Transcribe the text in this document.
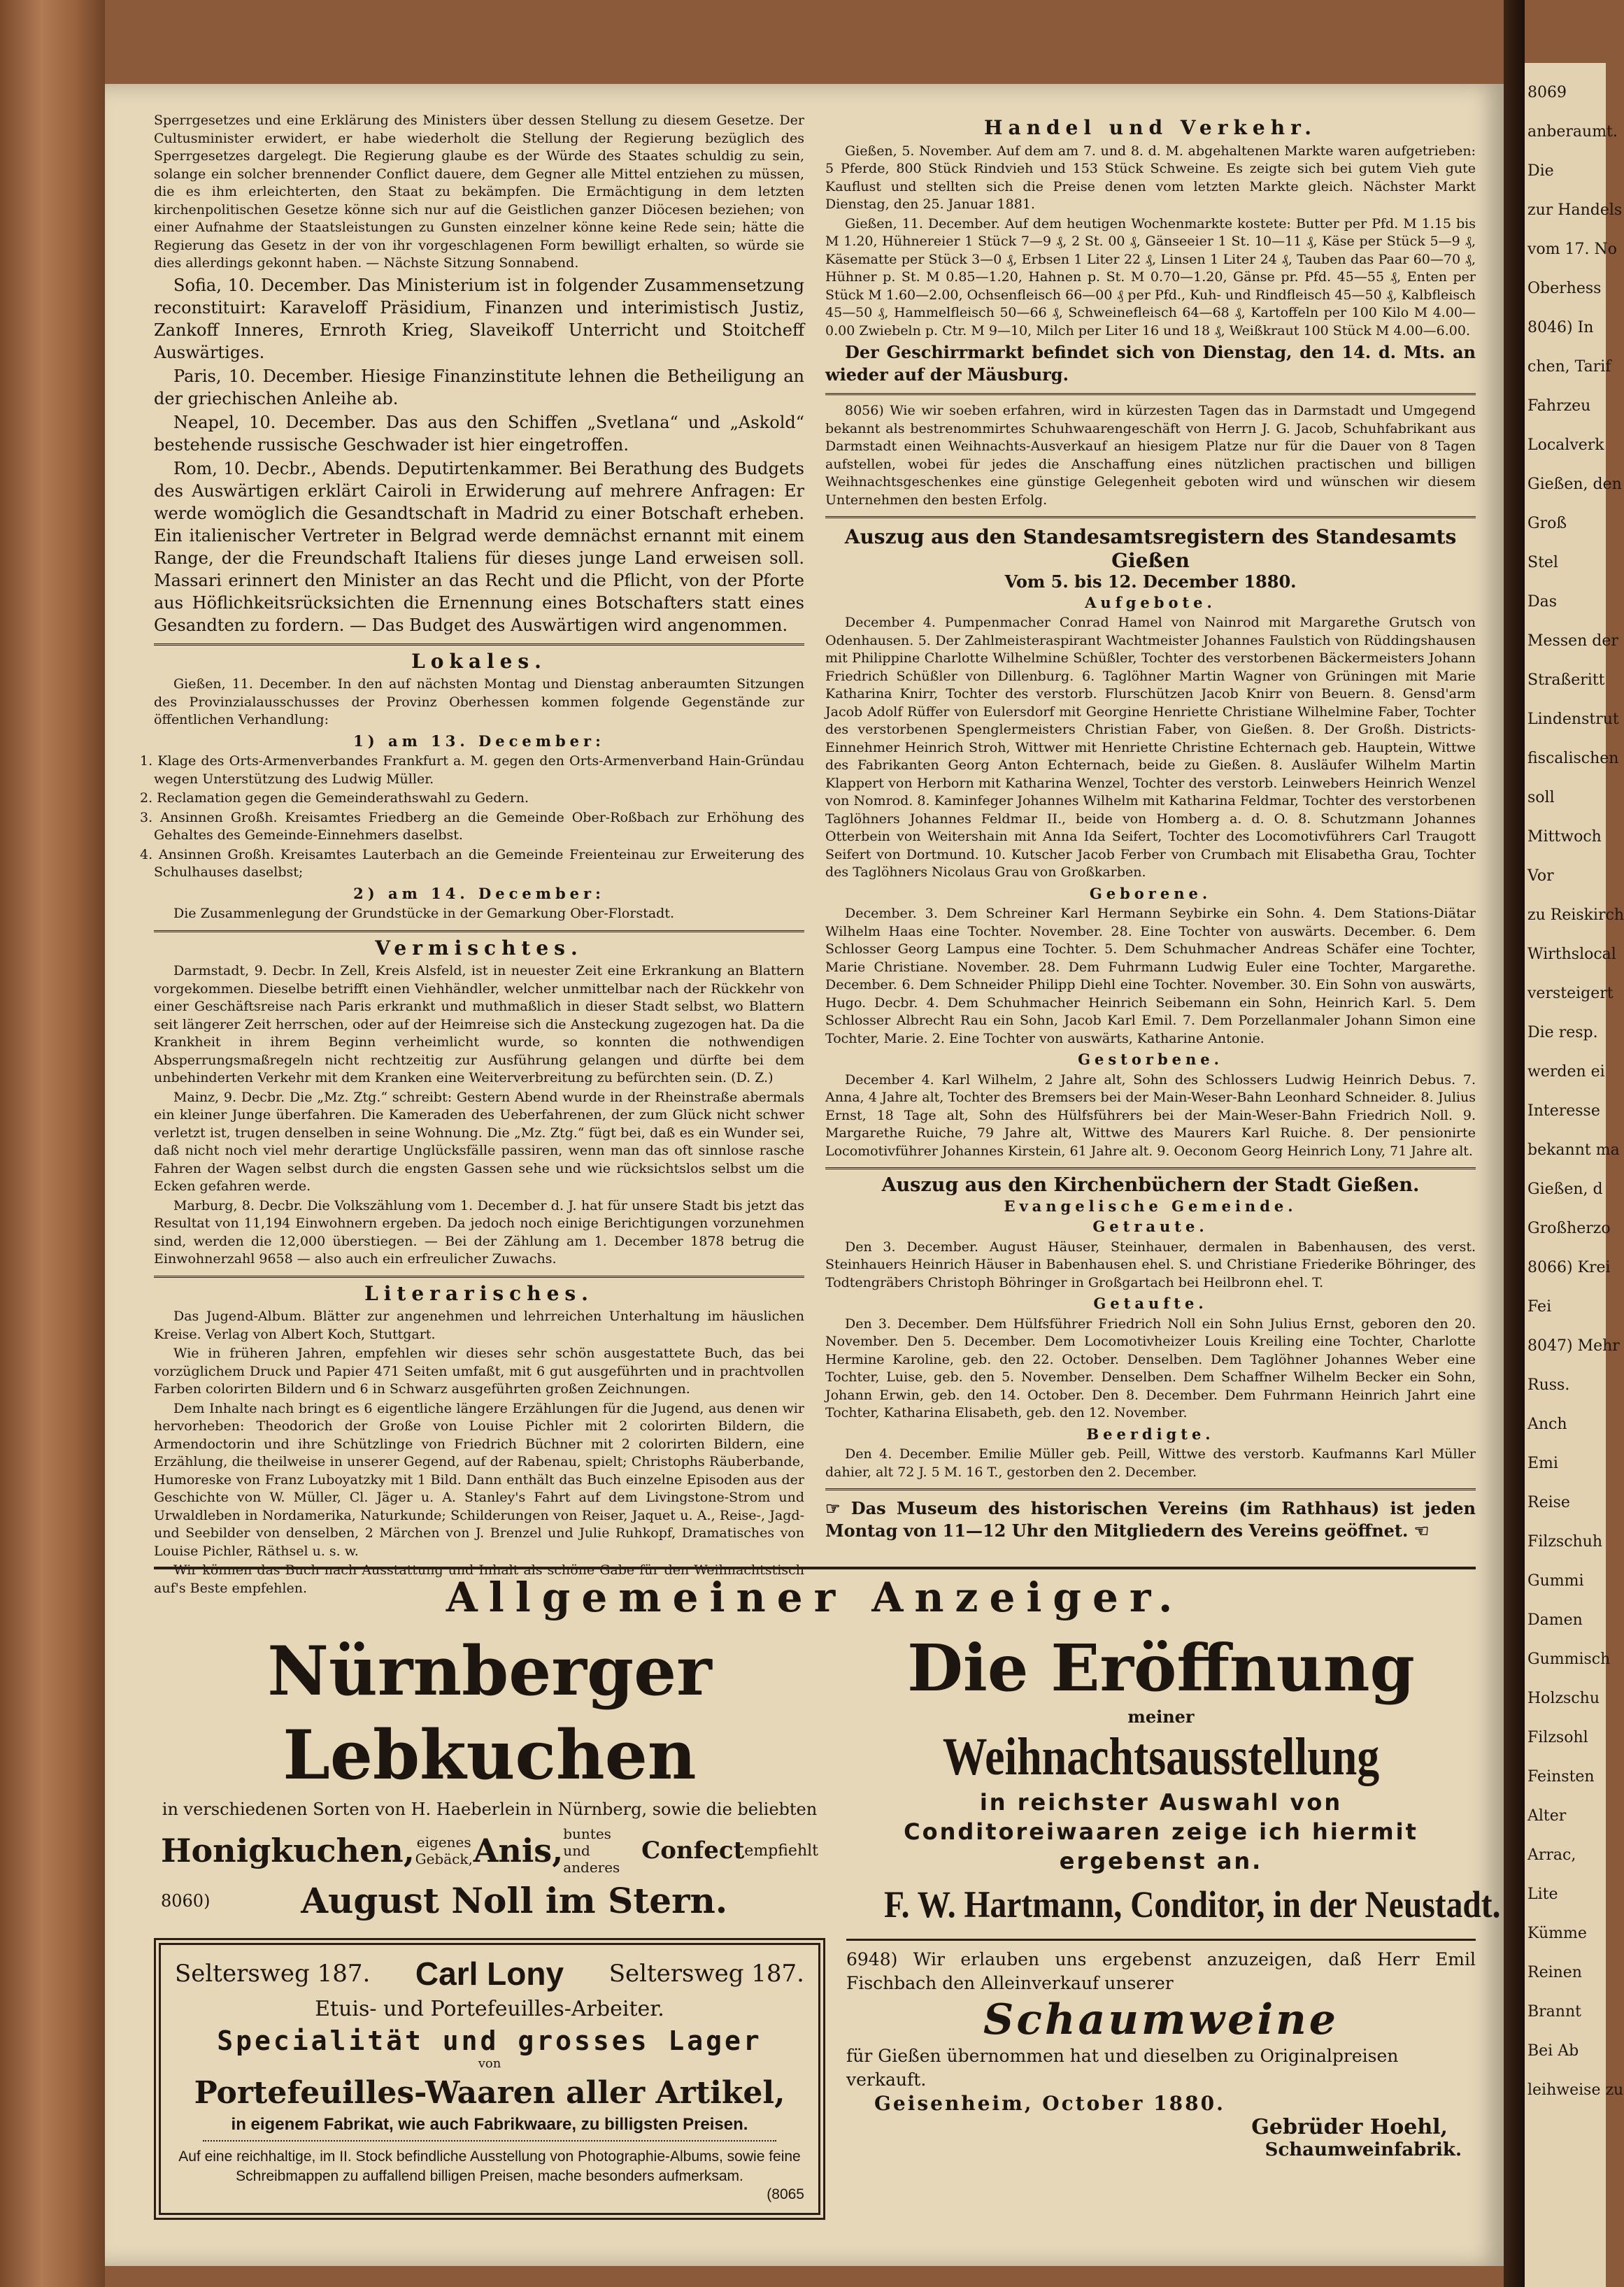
Sperrgesetzes und eine Erklärung des Ministers über dessen Stellung zu diesem Gesetze. Der Cultusminister erwidert, er habe wiederholt die Stellung der Regierung bezüglich des Sperrgesetzes dargelegt. Die Regierung glaube es der Würde des Staates schuldig zu sein, solange ein solcher brennender Conflict dauere, dem Gegner alle Mittel entziehen zu müssen, die es ihm erleichterten, den Staat zu bekämpfen. Die Ermächtigung in dem letzten kirchenpolitischen Gesetze könne sich nur auf die Geistlichen ganzer Diöcesen beziehen; von einer Aufnahme der Staatsleistungen zu Gunsten einzelner könne keine Rede sein; hätte die Regierung das Gesetz in der von ihr vorgeschlagenen Form bewilligt erhalten, so würde sie dies allerdings gekonnt haben. — Nächste Sitzung Sonnabend.

Sofia, 10. December. Das Ministerium ist in folgender Zusammensetzung reconstituirt: Karaveloff Präsidium, Finanzen und interimistisch Justiz, Zankoff Inneres, Ernroth Krieg, Slaveikoff Unterricht und Stoitcheff Auswärtiges.

Paris, 10. December. Hiesige Finanzinstitute lehnen die Betheiligung an der griechischen Anleihe ab.

Neapel, 10. December. Das aus den Schiffen „Svetlana“ und „Askold“ bestehende russische Geschwader ist hier eingetroffen.

Rom, 10. Decbr., Abends. Deputirtenkammer. Bei Berathung des Budgets des Auswärtigen erklärt Cairoli in Erwiderung auf mehrere Anfragen: Er werde womöglich die Gesandtschaft in Madrid zu einer Botschaft erheben. Ein italienischer Vertreter in Belgrad werde demnächst ernannt mit einem Range, der die Freundschaft Italiens für dieses junge Land erweisen soll. Massari erinnert den Minister an das Recht und die Pflicht, von der Pforte aus Höflichkeitsrücksichten die Ernennung eines Botschafters statt eines Gesandten zu fordern. — Das Budget des Auswärtigen wird angenommen.

Lokales.

Gießen, 11. December. In den auf nächsten Montag und Dienstag anberaumten Sitzungen des Provinzialausschusses der Provinz Oberhessen kommen folgende Gegenstände zur öffentlichen Verhandlung:

1) am 13. December:

1. Klage des Orts-Armenverbandes Frankfurt a. M. gegen den Orts-Armenverband Hain-Gründau wegen Unterstützung des Ludwig Müller.

2. Reclamation gegen die Gemeinderathswahl zu Gedern.

3. Ansinnen Großh. Kreisamtes Friedberg an die Gemeinde Ober-Roßbach zur Erhöhung des Gehaltes des Gemeinde-Einnehmers daselbst.

4. Ansinnen Großh. Kreisamtes Lauterbach an die Gemeinde Freienteinau zur Erweiterung des Schulhauses daselbst;

2) am 14. December:

Die Zusammenlegung der Grundstücke in der Gemarkung Ober-Florstadt.

Vermischtes.

Darmstadt, 9. Decbr. In Zell, Kreis Alsfeld, ist in neuester Zeit eine Erkrankung an Blattern vorgekommen. Dieselbe betrifft einen Viehhändler, welcher unmittelbar nach der Rückkehr von einer Geschäftsreise nach Paris erkrankt und muthmaßlich in dieser Stadt selbst, wo Blattern seit längerer Zeit herrschen, oder auf der Heimreise sich die Ansteckung zugezogen hat. Da die Krankheit in ihrem Beginn verheimlicht wurde, so konnten die nothwendigen Absperrungsmaßregeln nicht rechtzeitig zur Ausführung gelangen und dürfte bei dem unbehinderten Verkehr mit dem Kranken eine Weiterverbreitung zu befürchten sein. (D. Z.)

Mainz, 9. Decbr. Die „Mz. Ztg.“ schreibt: Gestern Abend wurde in der Rheinstraße abermals ein kleiner Junge überfahren. Die Kameraden des Ueberfahrenen, der zum Glück nicht schwer verletzt ist, trugen denselben in seine Wohnung. Die „Mz. Ztg.“ fügt bei, daß es ein Wunder sei, daß nicht noch viel mehr derartige Unglücksfälle passiren, wenn man das oft sinnlose rasche Fahren der Wagen selbst durch die engsten Gassen sehe und wie rücksichtslos selbst um die Ecken gefahren werde.

Marburg, 8. Decbr. Die Volkszählung vom 1. December d. J. hat für unsere Stadt bis jetzt das Resultat von 11,194 Einwohnern ergeben. Da jedoch noch einige Berichtigungen vorzunehmen sind, werden die 12,000 überstiegen. — Bei der Zählung am 1. December 1878 betrug die Einwohnerzahl 9658 — also auch ein erfreulicher Zuwachs.

Literarisches.

Das Jugend-Album. Blätter zur angenehmen und lehrreichen Unterhaltung im häuslichen Kreise. Verlag von Albert Koch, Stuttgart.

Wie in früheren Jahren, empfehlen wir dieses sehr schön ausgestattete Buch, das bei vorzüglichem Druck und Papier 471 Seiten umfaßt, mit 6 gut ausgeführten und in prachtvollen Farben colorirten Bildern und 6 in Schwarz ausgeführten großen Zeichnungen.

Dem Inhalte nach bringt es 6 eigentliche längere Erzählungen für die Jugend, aus denen wir hervorheben: Theodorich der Große von Louise Pichler mit 2 colorirten Bildern, die Armendoctorin und ihre Schützlinge von Friedrich Büchner mit 2 colorirten Bildern, eine Erzählung, die theilweise in unserer Gegend, auf der Rabenau, spielt; Christophs Räuberbande, Humoreske von Franz Luboyatzky mit 1 Bild. Dann enthält das Buch einzelne Episoden aus der Geschichte von W. Müller, Cl. Jäger u. A. Stanley's Fahrt auf dem Livingstone-Strom und Urwaldleben in Nordamerika, Naturkunde; Schilderungen von Reiser, Jaquet u. A., Reise-, Jagd- und Seebilder von denselben, 2 Märchen von J. Brenzel und Julie Ruhkopf, Dramatisches von Louise Pichler, Räthsel u. s. w.

Wir können das Buch nach Ausstattung und Inhalt als schöne Gabe für den Weihnachtstisch auf's Beste empfehlen.

Handel und Verkehr.

Gießen, 5. November. Auf dem am 7. und 8. d. M. abgehaltenen Markte waren aufgetrieben: 5 Pferde, 800 Stück Rindvieh und 153 Stück Schweine. Es zeigte sich bei gutem Vieh gute Kauflust und stellten sich die Preise denen vom letzten Markte gleich. Nächster Markt Dienstag, den 25. Januar 1881.

Gießen, 11. December. Auf dem heutigen Wochenmarkte kostete: Butter per Pfd. M 1.15 bis M 1.20, Hühnereier 1 Stück 7—9 ₰, 2 St. 00 ₰, Gänseeier 1 St. 10—11 ₰, Käse per Stück 5—9 ₰, Käsematte per Stück 3—0 ₰, Erbsen 1 Liter 22 ₰, Linsen 1 Liter 24 ₰, Tauben das Paar 60—70 ₰, Hühner p. St. M 0.85—1.20, Hahnen p. St. M 0.70—1.20, Gänse pr. Pfd. 45—55 ₰, Enten per Stück M 1.60—2.00, Ochsenfleisch 66—00 ₰ per Pfd., Kuh- und Rindfleisch 45—50 ₰, Kalbfleisch 45—50 ₰, Hammelfleisch 50—66 ₰, Schweinefleisch 64—68 ₰, Kartoffeln per 100 Kilo M 4.00—0.00 Zwiebeln p. Ctr. M 9—10, Milch per Liter 16 und 18 ₰, Weißkraut 100 Stück M 4.00—6.00.

Der Geschirrmarkt befindet sich von Dienstag, den 14. d. Mts. an wieder auf der Mäusburg.

8056) Wie wir soeben erfahren, wird in kürzesten Tagen das in Darmstadt und Umgegend bekannt als bestrenommirtes Schuhwaarengeschäft von Herrn J. G. Jacob, Schuhfabrikant aus Darmstadt einen Weihnachts-Ausverkauf an hiesigem Platze nur für die Dauer von 8 Tagen aufstellen, wobei für jedes die Anschaffung eines nützlichen practischen und billigen Weihnachtsgeschenkes eine günstige Gelegenheit geboten wird und wünschen wir diesem Unternehmen den besten Erfolg.

Auszug aus den Standesamtsregistern des Standesamts Gießen
Vom 5. bis 12. December 1880.
Aufgebote.

December 4. Pumpenmacher Conrad Hamel von Nainrod mit Margarethe Grutsch von Odenhausen. 5. Der Zahlmeisteraspirant Wachtmeister Johannes Faulstich von Rüddingshausen mit Philippine Charlotte Wilhelmine Schüßler, Tochter des verstorbenen Bäckermeisters Johann Friedrich Schüßler von Dillenburg. 6. Taglöhner Martin Wagner von Grüningen mit Marie Katharina Knirr, Tochter des verstorb. Flurschützen Jacob Knirr von Beuern. 8. Gensd'arm Jacob Adolf Rüffer von Eulersdorf mit Georgine Henriette Christiane Wilhelmine Faber, Tochter des verstorbenen Spenglermeisters Christian Faber, von Gießen. 8. Der Großh. Districts-Einnehmer Heinrich Stroh, Wittwer mit Henriette Christine Echternach geb. Hauptein, Wittwe des Fabrikanten Georg Anton Echternach, beide zu Gießen. 8. Ausläufer Wilhelm Martin Klappert von Herborn mit Katharina Wenzel, Tochter des verstorb. Leinwebers Heinrich Wenzel von Nomrod. 8. Kaminfeger Johannes Wilhelm mit Katharina Feldmar, Tochter des verstorbenen Taglöhners Johannes Feldmar II., beide von Homberg a. d. O. 8. Schutzmann Johannes Otterbein von Weitershain mit Anna Ida Seifert, Tochter des Locomotivführers Carl Traugott Seifert von Dortmund. 10. Kutscher Jacob Ferber von Crumbach mit Elisabetha Grau, Tochter des Taglöhners Nicolaus Grau von Großkarben.

Geborene.

December. 3. Dem Schreiner Karl Hermann Seybirke ein Sohn. 4. Dem Stations-Diätar Wilhelm Haas eine Tochter. November. 28. Eine Tochter von auswärts. December. 6. Dem Schlosser Georg Lampus eine Tochter. 5. Dem Schuhmacher Andreas Schäfer eine Tochter, Marie Christiane. November. 28. Dem Fuhrmann Ludwig Euler eine Tochter, Margarethe. December. 6. Dem Schneider Philipp Diehl eine Tochter. November. 30. Ein Sohn von auswärts, Hugo. Decbr. 4. Dem Schuhmacher Heinrich Seibemann ein Sohn, Heinrich Karl. 5. Dem Schlosser Albrecht Rau ein Sohn, Jacob Karl Emil. 7. Dem Porzellanmaler Johann Simon eine Tochter, Marie. 2. Eine Tochter von auswärts, Katharine Antonie.

Gestorbene.

December 4. Karl Wilhelm, 2 Jahre alt, Sohn des Schlossers Ludwig Heinrich Debus. 7. Anna, 4 Jahre alt, Tochter des Bremsers bei der Main-Weser-Bahn Leonhard Schneider. 8. Julius Ernst, 18 Tage alt, Sohn des Hülfsführers bei der Main-Weser-Bahn Friedrich Noll. 9. Margarethe Ruiche, 79 Jahre alt, Wittwe des Maurers Karl Ruiche. 8. Der pensionirte Locomotivführer Johannes Kirstein, 61 Jahre alt. 9. Oeconom Georg Heinrich Lony, 71 Jahre alt.

Auszug aus den Kirchenbüchern der Stadt Gießen.
Evangelische Gemeinde.
Getraute.

Den 3. December. August Häuser, Steinhauer, dermalen in Babenhausen, des verst. Steinhauers Heinrich Häuser in Babenhausen ehel. S. und Christiane Friederike Böhringer, des Todtengräbers Christoph Böhringer in Großgartach bei Heilbronn ehel. T.

Getaufte.

Den 3. December. Dem Hülfsführer Friedrich Noll ein Sohn Julius Ernst, geboren den 20. November. Den 5. December. Dem Locomotivheizer Louis Kreiling eine Tochter, Charlotte Hermine Karoline, geb. den 22. October. Denselben. Dem Taglöhner Johannes Weber eine Tochter, Luise, geb. den 5. November. Denselben. Dem Schaffner Wilhelm Becker ein Sohn, Johann Erwin, geb. den 14. October. Den 8. December. Dem Fuhrmann Heinrich Jahrt eine Tochter, Katharina Elisabeth, geb. den 12. November.

Beerdigte.

Den 4. December. Emilie Müller geb. Peill, Wittwe des verstorb. Kaufmanns Karl Müller dahier, alt 72 J. 5 M. 16 T., gestorben den 2. December.

☞ Das Museum des historischen Vereins (im Rathhaus) ist jeden Montag von 11—12 Uhr den Mitgliedern des Vereins geöffnet. ☜

Allgemeiner Anzeiger.
Nürnberger Lebkuchen
in verschiedenen Sorten von H. Haeberlein in Nürnberg, sowie die beliebten
Honigkuchen, eigenes Gebäck, Anis, buntes und anderes
Confect empfiehlt
8060)	August Noll im Stern.
Seltersweg 187. Carl Lony Seltersweg 187.
Etuis- und Portefeuilles-Arbeiter.
Specialität und grosses Lager
von
Portefeuilles-Waaren aller Artikel,
in eigenem Fabrikat, wie auch Fabrikwaare, zu billigsten Preisen.
Auf eine reichhaltige, im II. Stock befindliche Ausstellung von Photographie-Albums, sowie feine Schreibmappen zu auffallend billigen Preisen, mache besonders aufmerksam.
(8065
Die Eröffnung
meiner
Weihnachtsausstellung
in reichster Auswahl von Conditoreiwaaren zeige ich hiermit ergebenst an.
F. W. Hartmann, Conditor, in der Neustadt.
6948) Wir erlauben uns ergebenst anzuzeigen, daß Herr Emil Fischbach den Alleinverkauf unserer
Schaumweine
für Gießen übernommen hat und dieselben zu Originalpreisen verkauft.
Geisenheim, October 1880.
Gebrüder Hoehl,
Schaumweinfabrik.
8069
anberaumt.
Die
zur Handels
vom 17. No
Oberhess
8046) In
chen, Tarif
Fahrzeu
Localverk
Gießen, den
Groß
Stel
Das
Messen der
Straßeritt
Lindenstrut
fiscalischen
soll
Mittwoch
Vor
zu Reiskirch
Wirthslocal
versteigert
Die resp.
werden ei
Interesse
bekannt ma
Gießen, d
Großherzo
8066) Krei
Fei
8047) Mehr
Russ.
Anch
Emi
Reise
Filzschuh
Gummi
Damen
Gummisch
Holzschu
Filzsohl
Feinsten
Alter
Arrac,
Lite
Kümme
Reinen
Brannt
Bei Ab
leihweise zu
